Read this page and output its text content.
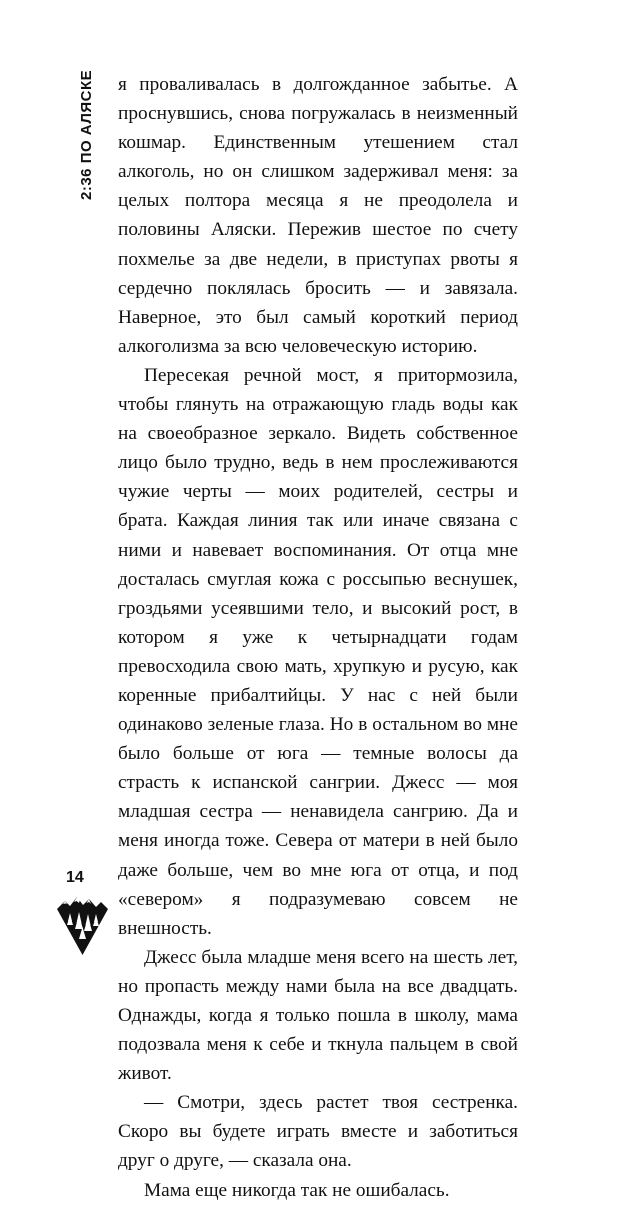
2:36 ПО АЛЯСКЕ я проваливалась в долгожданное забытье. А проснувшись, снова погружалась в неизменный кошмар. Единственным утешением стал алкоголь, но он слишком задерживал меня: за целых полтора месяца я не преодолела и половины Аляски. Пережив шестое по счету похмелье за две недели, в приступах рвоты я сердечно поклялась бросить — и завязала. Наверное, это был самый короткий период алкоголизма за всю человеческую историю.

Пересекая речной мост, я притормозила, чтобы глянуть на отражающую гладь воды как на своеобразное зеркало. Видеть собственное лицо было трудно, ведь в нем прослеживаются чужие черты — моих родителей, сестры и брата. Каждая линия так или иначе связана с ними и навевает воспоминания. От отца мне досталась смуглая кожа с россыпью веснушек, гроздьями усеявшими тело, и высокий рост, в котором я уже к четырнадцати годам превосходила свою мать, хрупкую и русую, как коренные прибалтийцы. У нас с ней были одинаково зеленые глаза. Но в остальном во мне было больше от юга — темные волосы да страсть к испанской сангрии. Джесс — моя младшая сестра — ненавидела сангрию. Да и меня иногда тоже. Севера от матери в ней было даже больше, чем во мне юга от отца, и под «севером» я подразумеваю совсем не внешность.

Джесс была младше меня всего на шесть лет, но пропасть между нами была на все двадцать. Однажды, когда я только пошла в школу, мама подозвала меня к себе и ткнула пальцем в свой живот.

— Смотри, здесь растет твоя сестренка. Скоро вы будете играть вместе и заботиться друг о друге, — сказала она.

Мама еще никогда так не ошибалась.

14
